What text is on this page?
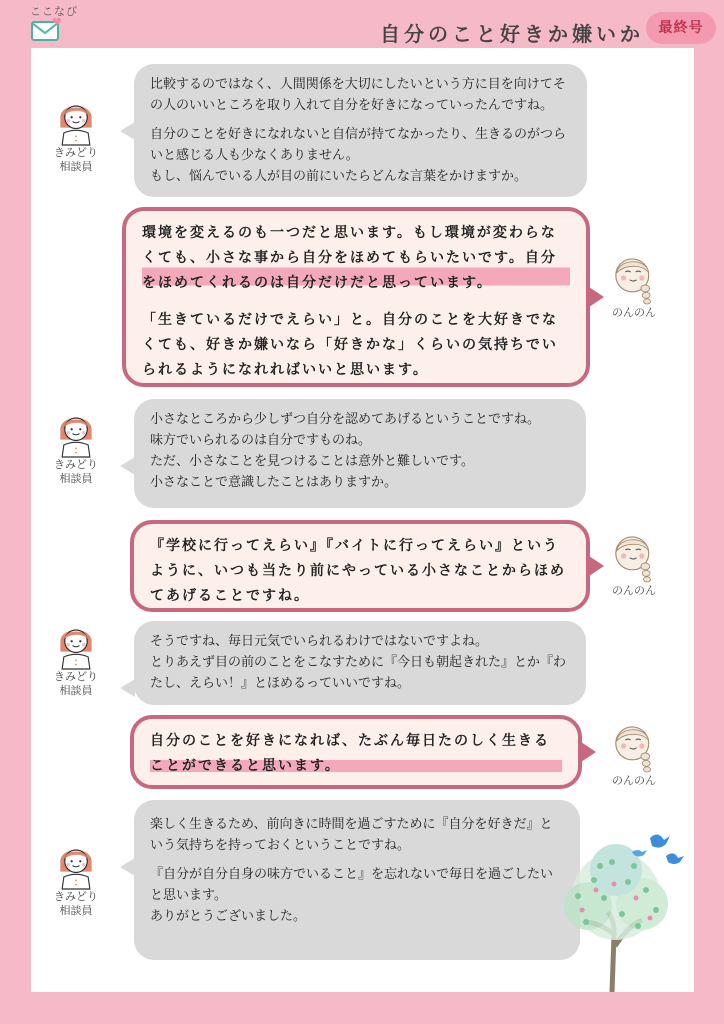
ここなび
自分のこと好きか嫌いか	最終号
きみどり
相談員
比較するのではなく、人間関係を大切にしたいという方に目を向けてその人のいいところを取り入れて自分を好きになっていったんですね。
自分のことを好きになれないと自信が持てなかったり、生きるのがつらいと感じる人も少なくありません。
もし、悩んでいる人が目の前にいたらどんな言葉をかけますか。
環境を変えるのも一つだと思います。もし環境が変わらなくても、小さな事から自分をほめてもらいたいです。自分をほめてくれるのは自分だけだと思っています。
「生きているだけでえらい」と。自分のことを大好きでなくても、好きか嫌いなら「好きかな」くらいの気持ちでいられるようになれればいいと思います。
のんのん
きみどり
相談員
小さなところから少しずつ自分を認めてあげるということですね。
味方でいられるのは自分ですものね。
ただ、小さなことを見つけることは意外と難しいです。
小さなことで意識したことはありますか。
『学校に行ってえらい』『バイトに行ってえらい』というように、いつも当たり前にやっている小さなことからほめてあげることですね。	のんのん
きみどり
相談員
そうですね、毎日元気でいられるわけではないですよね。
とりあえず目の前のことをこなすために『今日も朝起きれた』とか『わたし、えらい！』とほめるっていいですね。
自分のことを好きになれば、たぶん毎日たのしく生きることができると思います。
のんのん
きみどり
相談員
楽しく生きるため、前向きに時間を過ごすために『自分を好きだ』という気持ちを持っておくということですね。
『自分が自分自身の味方でいること』を忘れないで毎日を過ごしたいと思います。
ありがとうございました。
